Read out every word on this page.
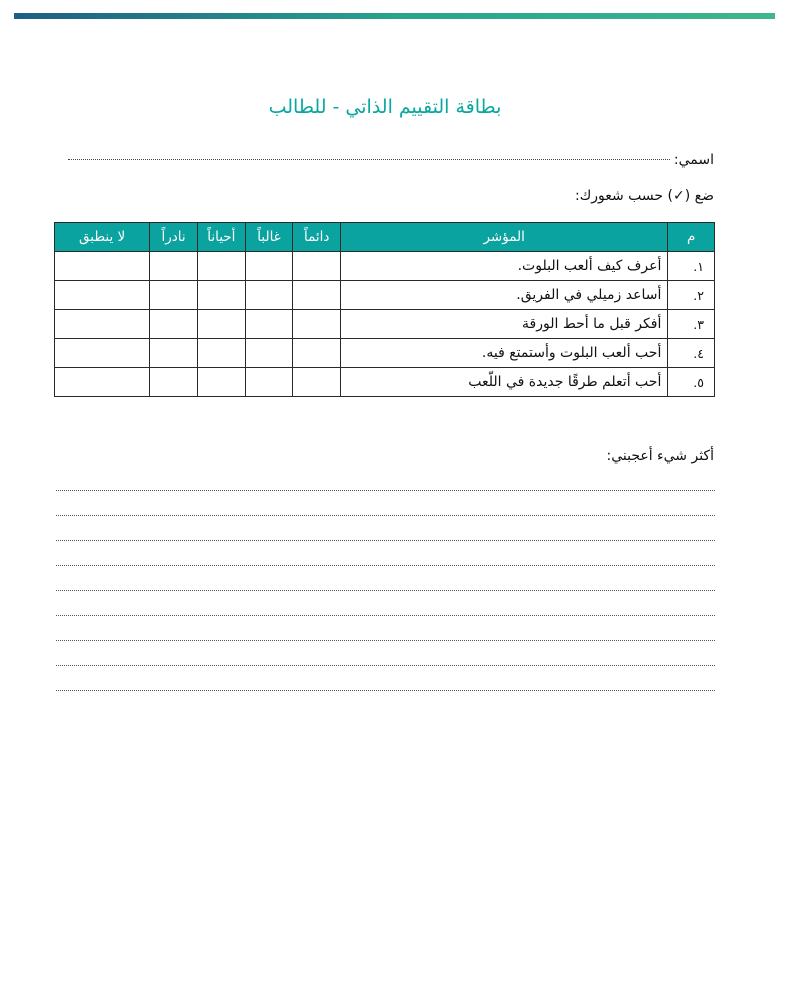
بطاقة التقييم الذاتي - للطالب
اسمي:
ضع (✓) حسب شعورك:
م	المؤشر	دائماً	غالباً	أحياناً	نادراً	لا ينطبق
١.	أعرف كيف ألعب البلوت.					
٢.	أساعد زميلي في الفريق.					
٣.	أفكر قبل ما أحط الورقة					
٤.	أحب ألعب البلوت وأستمتع فيه.					
٥.	أحب أتعلم طرقًا جديدة في اللّعب					
أكثر شيء أعجبني:
